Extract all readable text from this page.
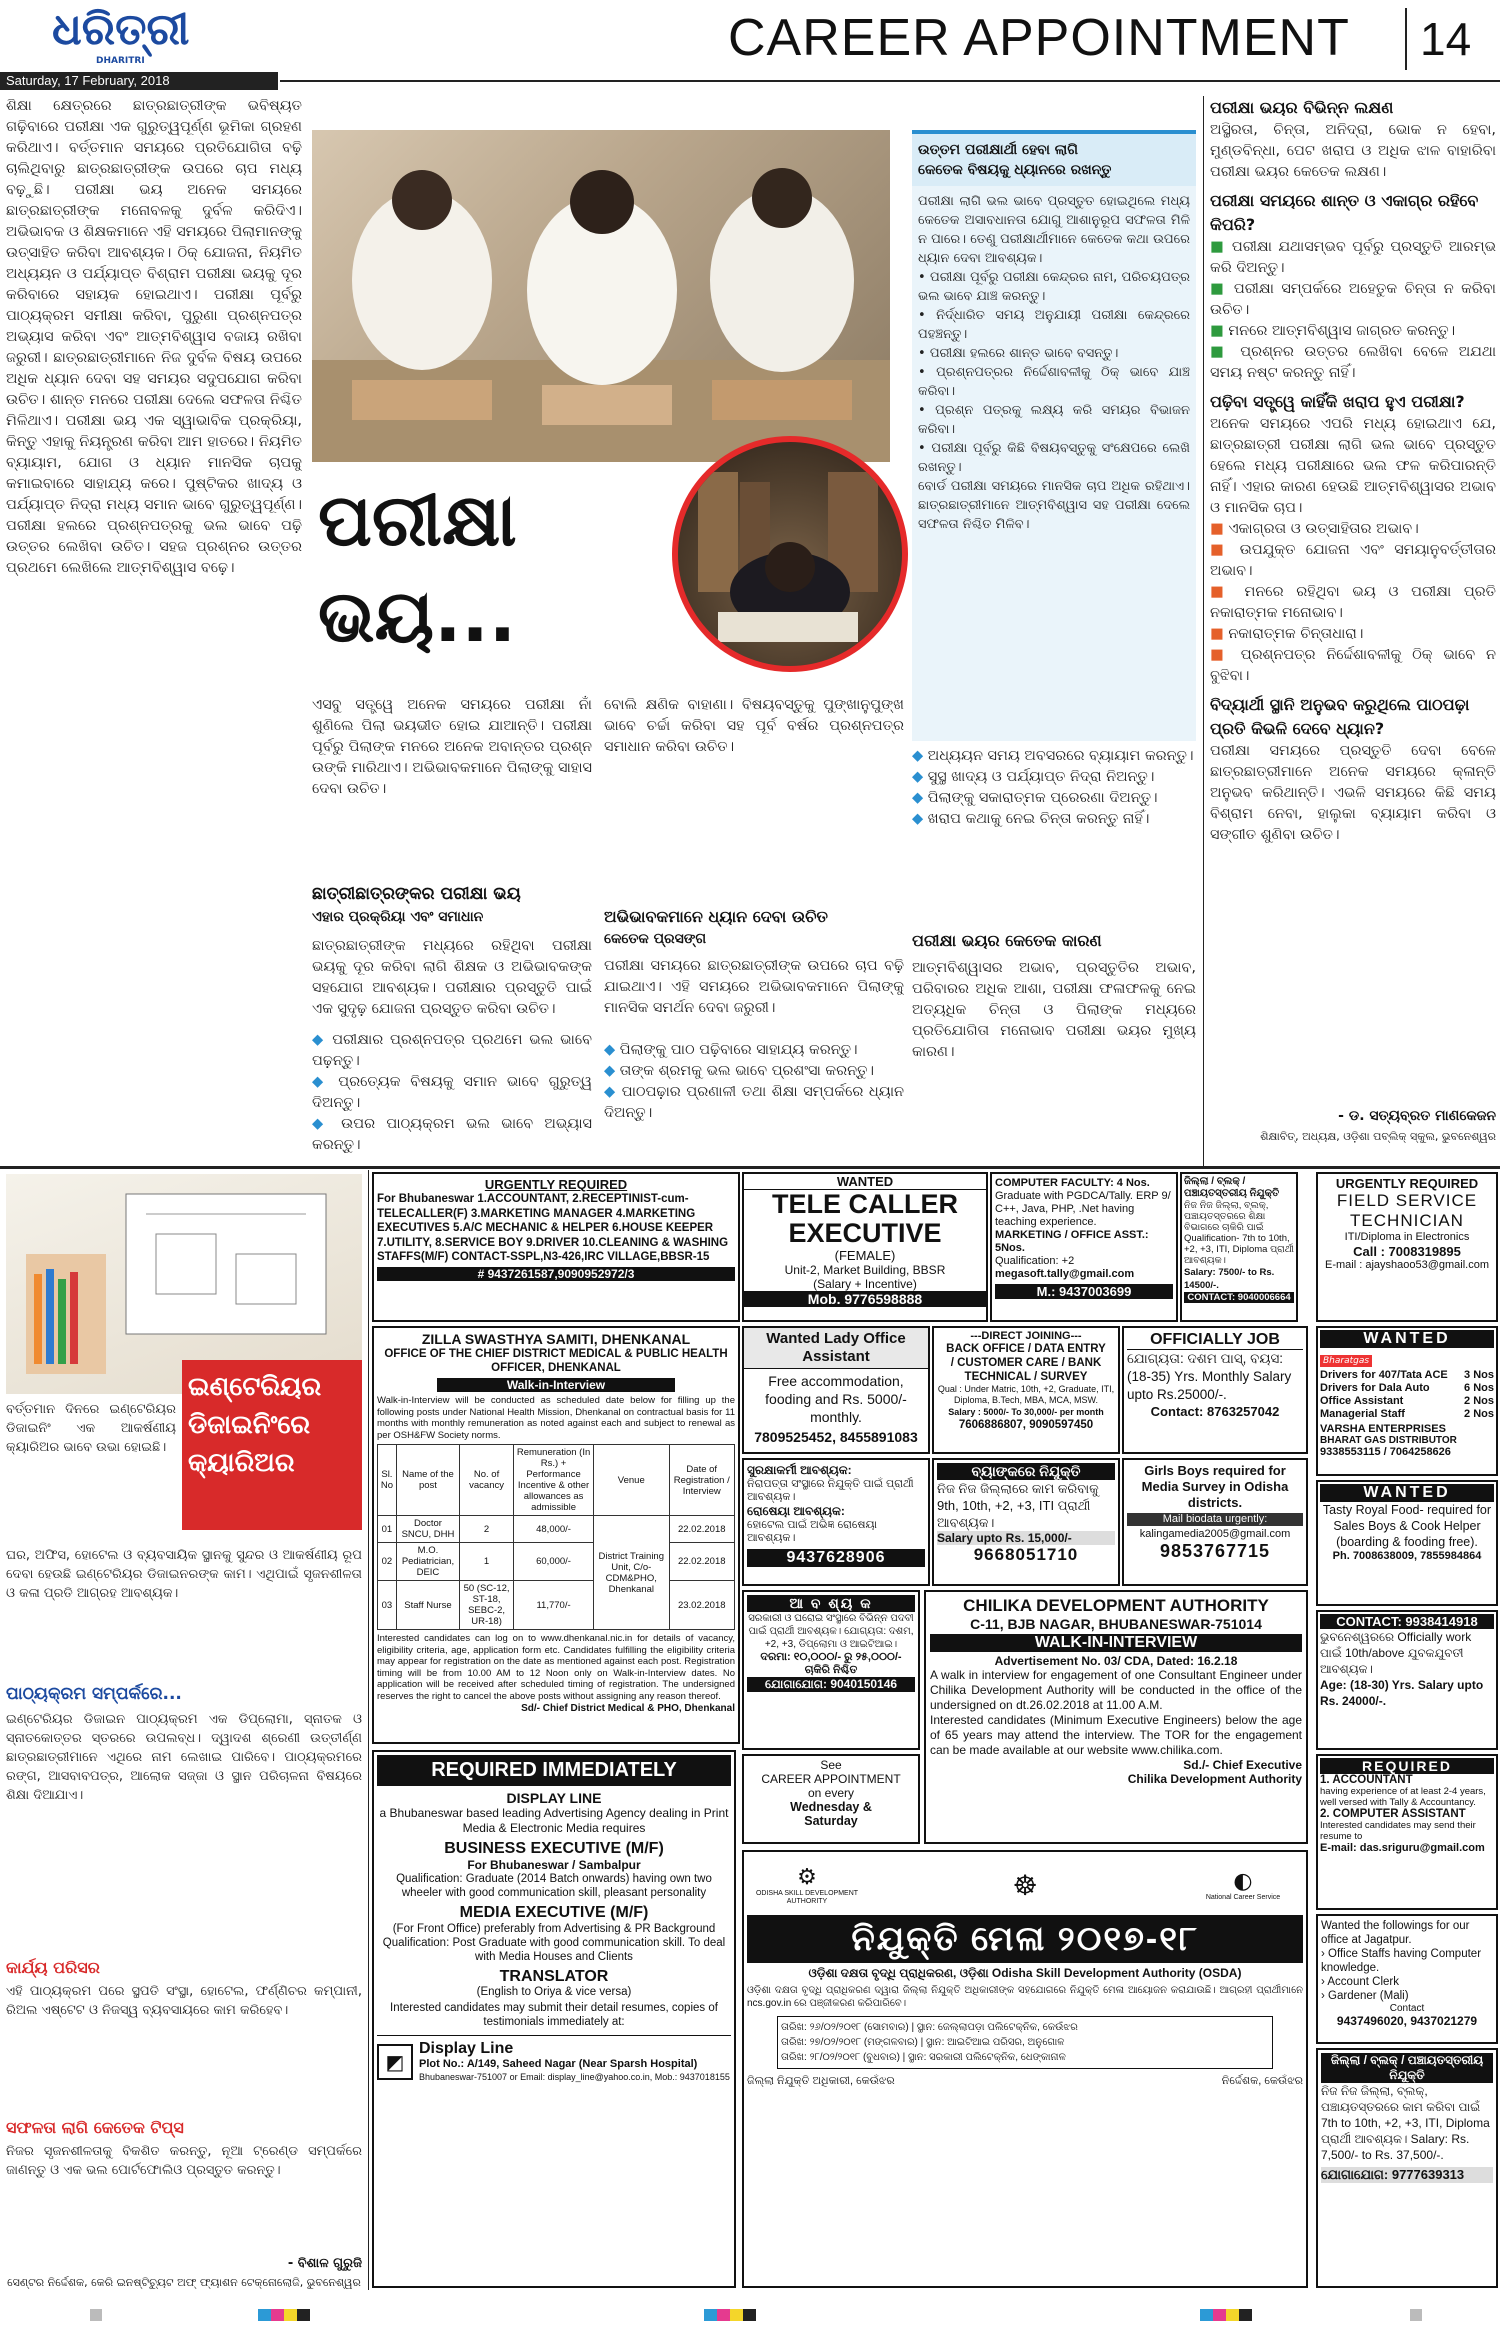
ଧରିତ୍ରୀ
DHARITRI
Saturday, 17 February, 2018
CAREER APPOINTMENT 14
ଶିକ୍ଷା କ୍ଷେତ୍ରରେ ଛାତ୍ରଛାତ୍ରୀଙ୍କ ଭବିଷ୍ୟତ ଗଢ଼ିବାରେ ପରୀକ୍ଷା ଏକ ଗୁରୁତ୍ୱପୂର୍ଣ୍ଣ ଭୂମିକା ଗ୍ରହଣ କରିଥାଏ। ବର୍ତ୍ତମାନ ସମୟରେ ପ୍ରତିଯୋଗିତା ବଢ଼ି ଚାଲିଥିବାରୁ ଛାତ୍ରଛାତ୍ରୀଙ୍କ ଉପରେ ଚାପ ମଧ୍ୟ ବଢ଼ୁଛି। ପରୀକ୍ଷା ଭୟ ଅନେକ ସମୟରେ ଛାତ୍ରଛାତ୍ରୀଙ୍କ ମନୋବଳକୁ ଦୁର୍ବଳ କରିଦିଏ। ଅଭିଭାବକ ଓ ଶିକ୍ଷକମାନେ ଏହି ସମୟରେ ପିଲାମାନଙ୍କୁ ଉତ୍ସାହିତ କରିବା ଆବଶ୍ୟକ। ଠିକ୍ ଯୋଜନା, ନିୟମିତ ଅଧ୍ୟୟନ ଓ ପର୍ଯ୍ୟାପ୍ତ ବିଶ୍ରାମ ପରୀକ୍ଷା ଭୟକୁ ଦୂର କରିବାରେ ସହାୟକ ହୋଇଥାଏ। ପରୀକ୍ଷା ପୂର୍ବରୁ ପାଠ୍ୟକ୍ରମ ସମୀକ୍ଷା କରିବା, ପୁରୁଣା ପ୍ରଶ୍ନପତ୍ର ଅଭ୍ୟାସ କରିବା ଏବଂ ଆତ୍ମବିଶ୍ୱାସ ବଜାୟ ରଖିବା ଜରୁରୀ। ଛାତ୍ରଛାତ୍ରୀମାନେ ନିଜ ଦୁର୍ବଳ ବିଷୟ ଉପରେ ଅଧିକ ଧ୍ୟାନ ଦେବା ସହ ସମୟର ସଦୁପଯୋଗ କରିବା ଉଚିତ। ଶାନ୍ତ ମନରେ ପରୀକ୍ଷା ଦେଲେ ସଫଳତା ନିଶ୍ଚିତ ମିଳିଥାଏ। ପରୀକ୍ଷା ଭୟ ଏକ ସ୍ୱାଭାବିକ ପ୍ରକ୍ରିୟା, କିନ୍ତୁ ଏହାକୁ ନିୟନ୍ତ୍ରଣ କରିବା ଆମ ହାତରେ। ନିୟମିତ ବ୍ୟାୟାମ, ଯୋଗ ଓ ଧ୍ୟାନ ମାନସିକ ଚାପକୁ କମାଇବାରେ ସାହାଯ୍ୟ କରେ। ପୁଷ୍ଟିକର ଖାଦ୍ୟ ଓ ପର୍ଯ୍ୟାପ୍ତ ନିଦ୍ରା ମଧ୍ୟ ସମାନ ଭାବେ ଗୁରୁତ୍ୱପୂର୍ଣ୍ଣ। ପରୀକ୍ଷା ହଲରେ ପ୍ରଶ୍ନପତ୍ରକୁ ଭଲ ଭାବେ ପଢ଼ି ଉତ୍ତର ଲେଖିବା ଉଚିତ। ସହଜ ପ୍ରଶ୍ନର ଉତ୍ତର ପ୍ରଥମେ ଲେଖିଲେ ଆତ୍ମବିଶ୍ୱାସ ବଢ଼େ।
ପରୀକ୍ଷା
ଭୟ...
ଏସବୁ ସତ୍ତ୍ୱେ ଅନେକ ସମୟରେ ପରୀକ୍ଷା ନାଁ ଶୁଣିଲେ ପିଲା ଭୟଭୀତ ହୋଇ ଯାଆନ୍ତି। ପରୀକ୍ଷା ପୂର୍ବରୁ ପିଲାଙ୍କ ମନରେ ଅନେକ ଅବାନ୍ତର ପ୍ରଶ୍ନ ଉଙ୍କି ମାରିଥାଏ। ଅଭିଭାବକମାନେ ପିଲାଙ୍କୁ ସାହାସ ଦେବା ଉଚିତ।
ବୋଲି କ୍ଷଣିକ ବାହାଣା। ବିଷୟବସ୍ତୁକୁ ପୁଙ୍ଖାନୁପୁଙ୍ଖ ଭାବେ ଚର୍ଚ୍ଚା କରିବା ସହ ପୂର୍ବ ବର୍ଷର ପ୍ରଶ୍ନପତ୍ର ସମାଧାନ କରିବା ଉଚିତ।
ଛାତ୍ରୀଛାତ୍ରଙ୍କର ପରୀକ୍ଷା ଭୟ
ଏହାର ପ୍ରକ୍ରିୟା ଏବଂ ସମାଧାନ
ଛାତ୍ରଛାତ୍ରୀଙ୍କ ମଧ୍ୟରେ ରହିଥିବା ପରୀକ୍ଷା ଭୟକୁ ଦୂର କରିବା ଲାଗି ଶିକ୍ଷକ ଓ ଅଭିଭାବକଙ୍କ ସହଯୋଗ ଆବଶ୍ୟକ। ପରୀକ୍ଷାର ପ୍ରସ୍ତୁତି ପାଇଁ ଏକ ସୁଦୃଢ଼ ଯୋଜନା ପ୍ରସ୍ତୁତ କରିବା ଉଚିତ।
◆ ପରୀକ୍ଷାର ପ୍ରଶ୍ନପତ୍ର ପ୍ରଥମେ ଭଲ ଭାବେ ପଢ଼ନ୍ତୁ।
◆ ପ୍ରତ୍ୟେକ ବିଷୟକୁ ସମାନ ଭାବେ ଗୁରୁତ୍ୱ ଦିଅନ୍ତୁ।
◆ ଉପର ପାଠ୍ୟକ୍ରମ ଭଲ ଭାବେ ଅଭ୍ୟାସ କରନ୍ତୁ।
ଅଭିଭାବକମାନେ ଧ୍ୟାନ ଦେବା ଉଚିତ
କେତେକ ପ୍ରସଙ୍ଗ
ପରୀକ୍ଷା ସମୟରେ ଛାତ୍ରଛାତ୍ରୀଙ୍କ ଉପରେ ଚାପ ବଢ଼ି ଯାଇଥାଏ। ଏହି ସମୟରେ ଅଭିଭାବକମାନେ ପିଲାଙ୍କୁ ମାନସିକ ସମର୍ଥନ ଦେବା ଜରୁରୀ।
◆ ପିଲାଙ୍କୁ ପାଠ ପଢ଼ିବାରେ ସାହାଯ୍ୟ କରନ୍ତୁ।
◆ ତାଙ୍କ ଶ୍ରମକୁ ଭଲ ଭାବେ ପ୍ରଶଂସା କରନ୍ତୁ।
◆ ପାଠପଢ଼ାର ପ୍ରଣାଳୀ ତଥା ଶିକ୍ଷା ସମ୍ପର୍କରେ ଧ୍ୟାନ ଦିଅନ୍ତୁ।
ଉତ୍ତମ ପରୀକ୍ଷାର୍ଥୀ ହେବା ଲାଗି
କେତେକ ବିଷୟକୁ ଧ୍ୟାନରେ ରଖନ୍ତୁ
ପରୀକ୍ଷା ଲାଗି ଭଲ ଭାବେ ପ୍ରସ୍ତୁତ ହୋଇଥିଲେ ମଧ୍ୟ କେତେକ ଅସାବଧାନତା ଯୋଗୁ ଆଶାନୁରୂପ ସଫଳତା ମିଳି ନ ପାରେ। ତେଣୁ ପରୀକ୍ଷାର୍ଥୀମାନେ କେତେକ କଥା ଉପରେ ଧ୍ୟାନ ଦେବା ଆବଶ୍ୟକ।
• ପରୀକ୍ଷା ପୂର୍ବରୁ ପରୀକ୍ଷା କେନ୍ଦ୍ରର ନାମ, ପରିଚୟପତ୍ର ଭଲ ଭାବେ ଯାଞ୍ଚ କରନ୍ତୁ।
• ନିର୍ଦ୍ଧାରିତ ସମୟ ଅନୁଯାୟୀ ପରୀକ୍ଷା କେନ୍ଦ୍ରରେ ପହଞ୍ଚନ୍ତୁ।
• ପରୀକ୍ଷା ହଲରେ ଶାନ୍ତ ଭାବେ ବସନ୍ତୁ।
• ପ୍ରଶ୍ନପତ୍ରର ନିର୍ଦ୍ଦେଶାବଳୀକୁ ଠିକ୍ ଭାବେ ଯାଞ୍ଚ କରିବା।
• ପ୍ରଶ୍ନ ପତ୍ରକୁ ଲକ୍ଷ୍ୟ କରି ସମୟର ବିଭାଜନ କରିବା।
• ପରୀକ୍ଷା ପୂର୍ବରୁ କିଛି ବିଷୟବସ୍ତୁକୁ ସଂକ୍ଷେପରେ ଲେଖି ରଖନ୍ତୁ।
ବୋର୍ଡ ପରୀକ୍ଷା ସମୟରେ ମାନସିକ ଚାପ ଅଧିକ ରହିଥାଏ। ଛାତ୍ରଛାତ୍ରୀମାନେ ଆତ୍ମବିଶ୍ୱାସ ସହ ପରୀକ୍ଷା ଦେଲେ ସଫଳତା ନିଶ୍ଚିତ ମିଳିବ।
◆ ଅଧ୍ୟୟନ ସମୟ ଅବସରରେ ବ୍ୟାୟାମ କରନ୍ତୁ।
◆ ସୁସ୍ଥ ଖାଦ୍ୟ ଓ ପର୍ଯ୍ୟାପ୍ତ ନିଦ୍ରା ନିଅନ୍ତୁ।
◆ ପିଲାଙ୍କୁ ସକାରାତ୍ମକ ପ୍ରେରଣା ଦିଅନ୍ତୁ।
◆ ଖରାପ କଥାକୁ ନେଇ ଚିନ୍ତା କରନ୍ତୁ ନାହିଁ।
ପରୀକ୍ଷା ଭୟର କେତେକ କାରଣ
ଆତ୍ମବିଶ୍ୱାସର ଅଭାବ, ପ୍ରସ୍ତୁତିର ଅଭାବ, ପରିବାରର ଅଧିକ ଆଶା, ପରୀକ୍ଷା ଫଳାଫଳକୁ ନେଇ ଅତ୍ୟଧିକ ଚିନ୍ତା ଓ ପିଲାଙ୍କ ମଧ୍ୟରେ ପ୍ରତିଯୋଗିତା ମନୋଭାବ ପରୀକ୍ଷା ଭୟର ମୁଖ୍ୟ କାରଣ।
ପରୀକ୍ଷା ଭୟର ବିଭିନ୍ନ ଲକ୍ଷଣ
ଅସ୍ଥିରତା, ଚିନ୍ତା, ଅନିଦ୍ରା, ଭୋକ ନ ହେବା, ମୁଣ୍ଡବିନ୍ଧା, ପେଟ ଖରାପ ଓ ଅଧିକ ଝାଳ ବାହାରିବା ପରୀକ୍ଷା ଭୟର କେତେକ ଲକ୍ଷଣ।
ପରୀକ୍ଷା ସମୟରେ ଶାନ୍ତ ଓ ଏକାଗ୍ର ରହିବେ କିପରି?
■ ପରୀକ୍ଷା ଯଥାସମ୍ଭବ ପୂର୍ବରୁ ପ୍ରସ୍ତୁତି ଆରମ୍ଭ କରି ଦିଅନ୍ତୁ।
■ ପରୀକ୍ଷା ସମ୍ପର୍କରେ ଅହେତୁକ ଚିନ୍ତା ନ କରିବା ଉଚିତ।
■ ମନରେ ଆତ୍ମବିଶ୍ୱାସ ଜାଗ୍ରତ କରନ୍ତୁ।
■ ପ୍ରଶ୍ନର ଉତ୍ତର ଲେଖିବା ବେଳେ ଅଯଥା ସମୟ ନଷ୍ଟ କରନ୍ତୁ ନାହିଁ।
ପଢ଼ିବା ସତ୍ତ୍ୱେ କାହିଁକି ଖରାପ ହୁଏ ପରୀକ୍ଷା?
ଅନେକ ସମୟରେ ଏପରି ମଧ୍ୟ ହୋଇଥାଏ ଯେ, ଛାତ୍ରଛାତ୍ରୀ ପରୀକ୍ଷା ଲାଗି ଭଲ ଭାବେ ପ୍ରସ୍ତୁତ ହେଲେ ମଧ୍ୟ ପରୀକ୍ଷାରେ ଭଲ ଫଳ କରିପାରନ୍ତି ନାହିଁ। ଏହାର କାରଣ ହେଉଛି ଆତ୍ମବିଶ୍ୱାସର ଅଭାବ ଓ ମାନସିକ ଚାପ।
■ ଏକାଗ୍ରତା ଓ ଉତ୍ସାହିତାର ଅଭାବ।
■ ଉପଯୁକ୍ତ ଯୋଜନା ଏବଂ ସମୟାନୁବର୍ତ୍ତୀତାର ଅଭାବ।
■ ମନରେ ରହିଥିବା ଭୟ ଓ ପରୀକ୍ଷା ପ୍ରତି ନକାରାତ୍ମକ ମନୋଭାବ।
■ ନକାରାତ୍ମକ ଚିନ୍ତାଧାରା।
■ ପ୍ରଶ୍ନପତ୍ର ନିର୍ଦ୍ଦେଶାବଳୀକୁ ଠିକ୍ ଭାବେ ନ ବୁଝିବା।
ବିଦ୍ୟାର୍ଥୀ ସ୍ଥାନି ଅନୁଭବ କରୁଥିଲେ ପାଠପଢ଼ା ପ୍ରତି କିଭଳି ଦେବେ ଧ୍ୟାନ?
ପରୀକ୍ଷା ସମୟରେ ପ୍ରସ୍ତୁତି ଦେବା ବେଳେ ଛାତ୍ରଛାତ୍ରୀମାନେ ଅନେକ ସମୟରେ କ୍ଳାନ୍ତି ଅନୁଭବ କରିଥାନ୍ତି। ଏଭଳି ସମୟରେ କିଛି ସମୟ ବିଶ୍ରାମ ନେବା, ହାଲୁକା ବ୍ୟାୟାମ କରିବା ଓ ସଙ୍ଗୀତ ଶୁଣିବା ଉଚିତ।
- ଡ. ସତ୍ୟବ୍ରତ ମାଣକେଜନ
ଶିକ୍ଷାବିତ୍, ଅଧ୍ୟକ୍ଷ, ଓଡ଼ିଶା ପବ୍ଲିକ୍ ସ୍କୁଲ, ଭୁବନେଶ୍ୱର
ବର୍ତ୍ତମାନ ଦିନରେ ଇଣ୍ଟେରିୟର ଡିଜାଇନିଂ ଏକ ଆକର୍ଷଣୀୟ କ୍ୟାରିଅର ଭାବେ ଉଭା ହୋଇଛି।
ଇଣ୍ଟେରିୟର
ଡିଜାଇନିଂରେ
କ୍ୟାରିଅର
ଘର, ଅଫିସ, ହୋଟେଲ ଓ ବ୍ୟବସାୟିକ ସ୍ଥାନକୁ ସୁନ୍ଦର ଓ ଆକର୍ଷଣୀୟ ରୂପ ଦେବା ହେଉଛି ଇଣ୍ଟେରିୟର ଡିଜାଇନରଙ୍କ କାମ। ଏଥିପାଇଁ ସୃଜନଶୀଳତା ଓ କଳା ପ୍ରତି ଆଗ୍ରହ ଆବଶ୍ୟକ।
ପାଠ୍ୟକ୍ରମ ସମ୍ପର୍କରେ...
ଇଣ୍ଟେରିୟର ଡିଜାଇନ ପାଠ୍ୟକ୍ରମ ଏକ ଡିପ୍ଲୋମା, ସ୍ନାତକ ଓ ସ୍ନାତକୋତ୍ତର ସ୍ତରରେ ଉପଲବ୍ଧ। ଦ୍ୱାଦଶ ଶ୍ରେଣୀ ଉତ୍ତୀର୍ଣ୍ଣ ଛାତ୍ରଛାତ୍ରୀମାନେ ଏଥିରେ ନାମ ଲେଖାଇ ପାରିବେ। ପାଠ୍ୟକ୍ରମରେ ରଙ୍ଗ, ଆସବାବପତ୍ର, ଆଲୋକ ସଜ୍ଜା ଓ ସ୍ଥାନ ପରିଚାଳନା ବିଷୟରେ ଶିକ୍ଷା ଦିଆଯାଏ।
କାର୍ଯ୍ୟ ପରିସର
ଏହି ପାଠ୍ୟକ୍ରମ ପରେ ସ୍ଥପତି ସଂସ୍ଥା, ହୋଟେଲ, ଫର୍ଣ୍ଣିଚର କମ୍ପାନୀ, ରିଅଲ ଏଷ୍ଟେଟ ଓ ନିଜସ୍ୱ ବ୍ୟବସାୟରେ କାମ କରିହେବ।
ସଫଳତା ଲାଗି କେତେକ ଟିପ୍ସ
ନିଜର ସୃଜନଶୀଳତାକୁ ବିକଶିତ କରନ୍ତୁ, ନୂଆ ଟ୍ରେଣ୍ଡ ସମ୍ପର୍କରେ ଜାଣନ୍ତୁ ଓ ଏକ ଭଲ ପୋର୍ଟଫୋଲିଓ ପ୍ରସ୍ତୁତ କରନ୍ତୁ।
- ବିଶାଳ ଗୁରୁଜି
ସେଣ୍ଟର ନିର୍ଦ୍ଦେଶକ, କେରି ଇନଷ୍ଟିଚ୍ୟୁଟ ଅଫ୍ ଫ୍ୟାଶନ ଟେକ୍ନୋଲୋଜି, ଭୁବନେଶ୍ୱର
URGENTLY REQUIRED
For Bhubaneswar 1.ACCOUNTANT, 2.RECEPTINIST-cum-TELECALLER(F) 3.MARKETING MANAGER 4.MARKETING EXECUTIVES 5.A/C MECHANIC & HELPER 6.HOUSE KEEPER 7.UTILITY, 8.SERVICE BOY 9.DRIVER 10.CLEANING & WASHING STAFFS(M/F) CONTACT-SSPL,N3-426,IRC VILLAGE,BBSR-15
# 9437261587,9090952972/3
WANTED
TELE CALLER
EXECUTIVE
(FEMALE)
Unit-2, Market Building, BBSR
(Salary + Incentive)
Mob. 9776598888
COMPUTER FACULTY: 4 Nos.
Graduate with PGDCA/Tally. ERP 9/ C++, Java, PHP, .Net having teaching experience.
MARKETING / OFFICE ASST.: 5Nos.
Qualification: +2
megasoft.tally@gmail.com
M.: 9437003699
ଜିଲ୍ଲା / ବ୍ଲକ୍ / ପଞ୍ଚାୟତସ୍ତରୀୟ ନିଯୁକ୍ତି
ନିଜ ନିଜ ଜିଲ୍ଲା, ବ୍ଲକ୍, ପଞ୍ଚାୟତସ୍ତରରେ ଶିକ୍ଷା ବିଭାଗରେ ଚାକିରି ପାଇଁ Qualification- 7th to 10th, +2, +3, ITI, Diploma ପ୍ରାର୍ଥୀ ଆବଶ୍ୟକ।
Salary: 7500/- to Rs. 14500/-.
CONTACT: 9040006664
URGENTLY REQUIRED
FIELD SERVICE
TECHNICIAN
ITI/Diploma in Electronics
Call : 7008319895
E-mail : ajayshaoo53@gmail.com
ZILLA SWASTHYA SAMITI, DHENKANAL
OFFICE OF THE CHIEF DISTRICT MEDICAL & PUBLIC HEALTH OFFICER, DHENKANAL
Walk-in-Interview
Walk-in-Interview will be conducted as scheduled date below for filling up the following posts under National Health Mission, Dhenkanal on contractual basis for 11 months with monthly remuneration as noted against each and subject to renewal as per OSH&FW Society norms.
Sl. No	Name of the post	No. of vacancy	Remuneration (In Rs.) + Performance Incentive & other allowances as admissible	Venue	Date of Registration / Interview
01	Doctor SNCU, DHH	2	48,000/-	District Training Unit, C/o-CDM&PHO, Dhenkanal	22.02.2018
02	M.O. Pediatrician, DEIC	1	60,000/-		22.02.2018
03	Staff Nurse	50 (SC-12, ST-18, SEBC-2, UR-18)	11,770/-		23.02.2018
Interested candidates can log on to www.dhenkanal.nic.in for details of vacancy, eligibility criteria, age, application form etc. Candidates fulfilling the eligibility criteria may appear for registration on the date as mentioned against each post. Registration timing will be from 10.00 AM to 12 Noon only on Walk-in-Interview dates. No application will be received after scheduled timing of registration. The undersigned reserves the right to cancel the above posts without assigning any reason thereof.
Sd/- Chief District Medical & PHO, Dhenkanal
Wanted Lady Office Assistant
Free accommodation, fooding and Rs. 5000/- monthly.
7809525452, 8455891083
---DIRECT JOINING---
BACK OFFICE / DATA ENTRY
/ CUSTOMER CARE / BANK
TECHNICAL / SURVEY
Qual : Under Matric, 10th, +2, Graduate, ITI, Diploma, B.Tech, MBA, MCA, MSW.
Salary : 5000/- To 30,000/- per month
7606886807, 9090597450
OFFICIALLY JOB
ଯୋଗ୍ୟତା: ଦଶମ ପାସ୍, ବୟସ: (18-35) Yrs. Monthly Salary upto Rs.25000/-.
Contact: 8763257042
WANTED
Bharatgas
Drivers for 407/Tata ACE 3 Nos
Drivers for Dala Auto	6 Nos
Office Assistant	2 Nos
Managerial Staff	2 Nos
VARSHA ENTERPRISES
BHARAT GAS DISTRIBUTOR
9338553115 / 7064258626
ସୁରକ୍ଷାକର୍ମୀ ଆବଶ୍ୟକ:
ନିରାପତ୍ତା ସଂସ୍ଥାରେ ନିଯୁକ୍ତି ପାଇଁ ପ୍ରାର୍ଥୀ ଆବଶ୍ୟକ।
ରୋଷେୟା ଆବଶ୍ୟକ:
ହୋଟେଲ ପାଇଁ ଅଭିଜ୍ଞ ରୋଷେୟା ଆବଶ୍ୟକ।
9437628906
ବ୍ୟାଙ୍କରେ ନିଯୁକ୍ତି
ନିଜ ନିଜ ଜିଲ୍ଲାରେ କାମ କରିବାକୁ 9th, 10th, +2, +3, ITI ପ୍ରାର୍ଥୀ ଆବଶ୍ୟକ।
Salary upto Rs. 15,000/-
9668051710
Girls Boys required for Media Survey in Odisha districts.
Mail biodata urgently:
kalingamedia2005@gmail.com
9853767715
WANTED
Tasty Royal Food- required for Sales Boys & Cook Helper (boarding & fooding free).
Ph. 7008638009, 7855984864
ଆ ବ ଶ୍ୟ କ
ସରକାରୀ ଓ ଘରୋଇ ସଂସ୍ଥାରେ ବିଭିନ୍ନ ପଦବୀ ପାଇଁ ପ୍ରାର୍ଥୀ ଆବଶ୍ୟକ। ଯୋଗ୍ୟତା: ଦଶମ, +2, +3, ଡିପ୍ଲୋମା ଓ ଆଇଟିଆଇ।
ଦରମା: ୧୦,୦୦୦/- ରୁ ୨୫,୦୦୦/-
ଚାକିରି ନିଶ୍ଚିତ
ଯୋଗାଯୋଗ: 9040150146
See
CAREER APPOINTMENT
on every
Wednesday &
Saturday
CHILIKA DEVELOPMENT AUTHORITY
C-11, BJB NAGAR, BHUBANESWAR-751014
WALK-IN-INTERVIEW
Advertisement No. 03/ CDA, Dated: 16.2.18
A walk in interview for engagement of one Consultant Engineer under Chilika Development Authority will be conducted in the office of the undersigned on dt.26.02.2018 at 11.00 A.M.
Interested candidates (Minimum Executive Engineers) below the age of 65 years may attend the interview. The TOR for the engagement can be made available at our website www.chilika.com.
Sd./- Chief Executive
Chilika Development Authority
CONTACT: 9938414918
ଭୁବନେଶ୍ୱରରେ Officially work ପାଇଁ 10th/above ଯୁବକଯୁବତୀ ଆବଶ୍ୟକ।
Age: (18-30) Yrs. Salary upto Rs. 24000/-.
REQUIRED
1. ACCOUNTANT
having experience of at least 2-4 years, well versed with Tally & Accountancy.
2. COMPUTER ASSISTANT
Interested candidates may send their resume to
E-mail: das.sriguru@gmail.com
REQUIRED IMMEDIATELY
DISPLAY LINE
a Bhubaneswar based leading Advertising Agency dealing in Print Media & Electronic Media requires
BUSINESS EXECUTIVE (M/F)
For Bhubaneswar / Sambalpur
Qualification: Graduate (2014 Batch onwards) having own two wheeler with good communication skill, pleasant personality
MEDIA EXECUTIVE (M/F)
(For Front Office) preferably from Advertising & PR Background Qualification: Post Graduate with good communication skill. To deal with Media Houses and Clients
TRANSLATOR
(English to Oriya & vice versa)
Interested candidates may submit their detail resumes, copies of testimonials immediately at:
◩
Display Line
Plot No.: A/149, Saheed Nagar (Near Sparsh Hospital)
Bhubaneswar-751007 or Email: display_line@yahoo.co.in, Mob.: 9437018155
⚙
ODISHA SKILL DEVELOPMENT AUTHORITY	☸	◐
National Career Service
ନିଯୁକ୍ତି ମେଳା ୨୦୧୭-୧୮
ଓଡ଼ିଶା ଦକ୍ଷତା ବୃଦ୍ଧି ପ୍ରାଧିକରଣ, ଓଡ଼ିଶା Odisha Skill Development Authority (OSDA)
ଓଡ଼ିଶା ଦକ୍ଷତା ବୃଦ୍ଧି ପ୍ରାଧିକରଣ ଦ୍ୱାରା ଜିଲ୍ଲା ନିଯୁକ୍ତି ଅଧିକାରୀଙ୍କ ସହଯୋଗରେ ନିଯୁକ୍ତି ମେଳା ଆୟୋଜନ କରାଯାଉଛି। ଆଗ୍ରହୀ ପ୍ରାର୍ଥୀମାନେ ncs.gov.in ରେ ପଞ୍ଜୀକରଣ କରିପାରିବେ।
ତାରିଖ: ୨୬/୦୨/୨୦୧୮ (ସୋମବାର) | ସ୍ଥାନ: ଜେଲ୍ଲାପଡ଼ା ପଲିଟେକ୍ନିକ, କେଉଁଝର
ତାରିଖ: ୨୭/୦୨/୨୦୧୮ (ମଙ୍ଗଳବାର) | ସ୍ଥାନ: ଆଇଟିଆଇ ପରିସର, ଅନୁଗୋଳ
ତାରିଖ: ୨୮/୦୨/୨୦୧୮ (ବୁଧବାର) | ସ୍ଥାନ: ସରକାରୀ ପଲିଟେକ୍ନିକ, ଧେଙ୍କାନାଳ
ଜିଲ୍ଲା ନିଯୁକ୍ତି ଅଧିକାରୀ, କେଉଁଝର	ନିର୍ଦ୍ଦେଶକ, କେଉଁଝର
Wanted the followings for our office at Jagatpur.
› Office Staffs having Computer knowledge.
› Account Clerk
› Gardener (Mali)
Contact
9437496020, 9437021279
ଜିଲ୍ଲା / ବ୍ଲକ୍ / ପଞ୍ଚାୟତସ୍ତରୀୟ ନିଯୁକ୍ତି
ନିଜ ନିଜ ଜିଲ୍ଲା, ବ୍ଲକ୍, ପଞ୍ଚାୟତସ୍ତରରେ କାମ କରିବା ପାଇଁ 7th to 10th, +2, +3, ITI, Diploma ପ୍ରାର୍ଥୀ ଆବଶ୍ୟକ। Salary: Rs. 7,500/- to Rs. 37,500/-.
ଯୋଗାଯୋଗ: 9777639313
